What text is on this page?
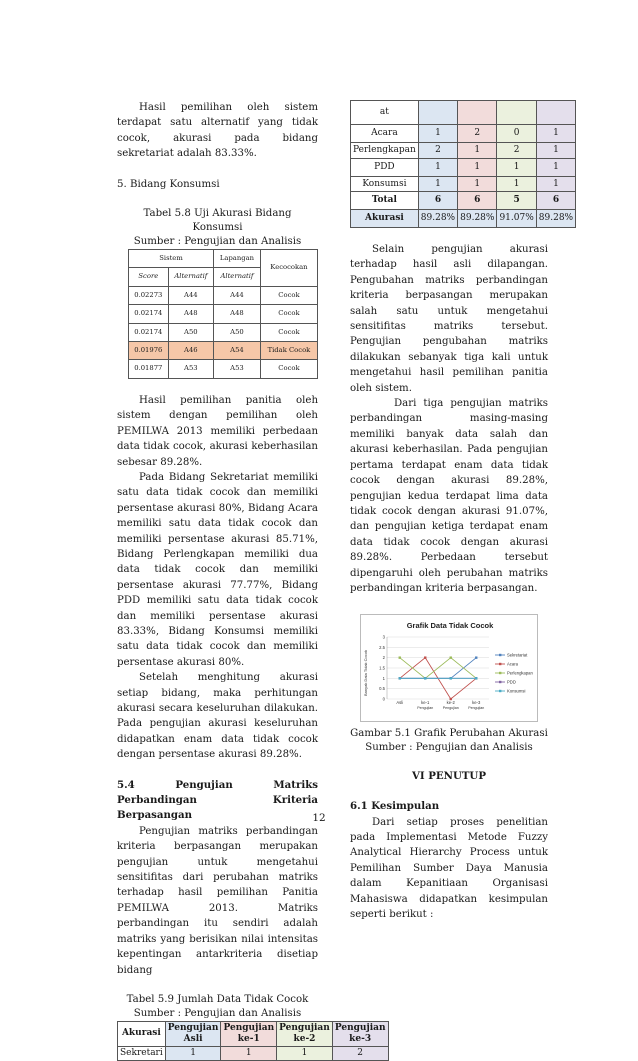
Hasil pemilihan oleh sistem terdapat satu alternatif yang tidak cocok, akurasi pada bidang sekretariat adalah 83.33%.

5. Bidang Konsumsi

Tabel 5.8 Uji Akurasi Bidang Konsumsi
Sumber : Pengujian dan Analisis
Sistem		Lapangan	Kecocokan
Score	Alternatif	Alternatif	
0.02273	A44	A44	Cocok
0.02174	A48	A48	Cocok
0.02174	A50	A50	Cocok
0.01976	A46	A54	Tidak Cocok
0.01877	A53	A53	Cocok

Hasil pemilihan panitia oleh sistem dengan pemilihan oleh PEMILWA 2013 memiliki perbedaan data tidak cocok, akurasi keberhasilan sebesar 89.28%.

Pada Bidang Sekretariat memiliki satu data tidak cocok dan memiliki persentase akurasi 80%, Bidang Acara memiliki satu data tidak cocok dan memiliki persentase akurasi 85.71%, Bidang Perlengkapan memiliki dua data tidak cocok dan memiliki persentase akurasi 77.77%, Bidang PDD memiliki satu data tidak cocok dan memiliki persentase akurasi 83.33%, Bidang Konsumsi memiliki satu data tidak cocok dan memiliki persentase akurasi 80%.

Setelah menghitung akurasi setiap bidang, maka perhitungan akurasi secara keseluruhan dilakukan. Pada pengujian akurasi keseluruhan didapatkan enam data tidak cocok dengan persentase akurasi 89.28%.

5.4 Pengujian Matriks Perbandingan Kriteria Berpasangan

Pengujian matriks perbandingan kriteria berpasangan merupakan pengujian untuk mengetahui sensitifitas dari perubahan matriks terhadap hasil pemilihan Panitia PEMILWA 2013. Matriks perbandingan itu sendiri adalah matriks yang berisikan nilai intensitas kepentingan antarkriteria disetiap bidang

Tabel 5.9 Jumlah Data Tidak Cocok
Sumber : Pengujian dan Analisis
Akurasi	Pengujian Asli	Pengujian ke-1	Pengujian ke-2	Pengujian ke-3
Sekretari	1	1	1	2
at				
Acara	1	2	0	1
Perlengkapan	2	1	2	1
PDD	1	1	1	1
Konsumsi	1	1	1	1
Total	6	6	5	6
Akurasi	89.28%	89.28%	91.07%	89.28%

Selain pengujian akurasi terhadap hasil asli dilapangan. Pengubahan matriks perbandingan kriteria berpasangan merupakan salah satu untuk mengetahui sensitifitas matriks tersebut. Pengujian pengubahan matriks dilakukan sebanyak tiga kali untuk mengetahui hasil pemilihan panitia oleh sistem.

Dari tiga pengujian matriks perbandingan masing-masing memiliki banyak data salah dan akurasi keberhasilan. Pada pengujian pertama terdapat enam data tidak cocok dengan akurasi 89.28%, pengujian kedua terdapat lima data tidak cocok dengan akurasi 91.07%, dan pengujian ketiga terdapat enam data tidak cocok dengan akurasi 89.28%. Perbedaan tersebut dipengaruhi oleh perubahan matriks perbandingan kriteria berpasangan.

Grafik Data Tidak Cocok
Banyak Data Tidak Cocok
0
0.5
1
1.5
2
2.5
3
Asli	ke-1
Pengujian
ke-2
Pengujian
ke-3
Pengujian
Sekretariat
Acara
Perlengkapan
PDD
Konsumsi

Gambar 5.1 Grafik Perubahan Akurasi
Sumber : Pengujian dan Analisis

VI PENUTUP

6.1 Kesimpulan

Dari setiap proses penelitian pada Implementasi Metode Fuzzy Analytical Hierarchy Process untuk Pemilihan Sumber Daya Manusia dalam Kepanitiaan Organisasi Mahasiswa didapatkan kesimpulan seperti berikut :

12
